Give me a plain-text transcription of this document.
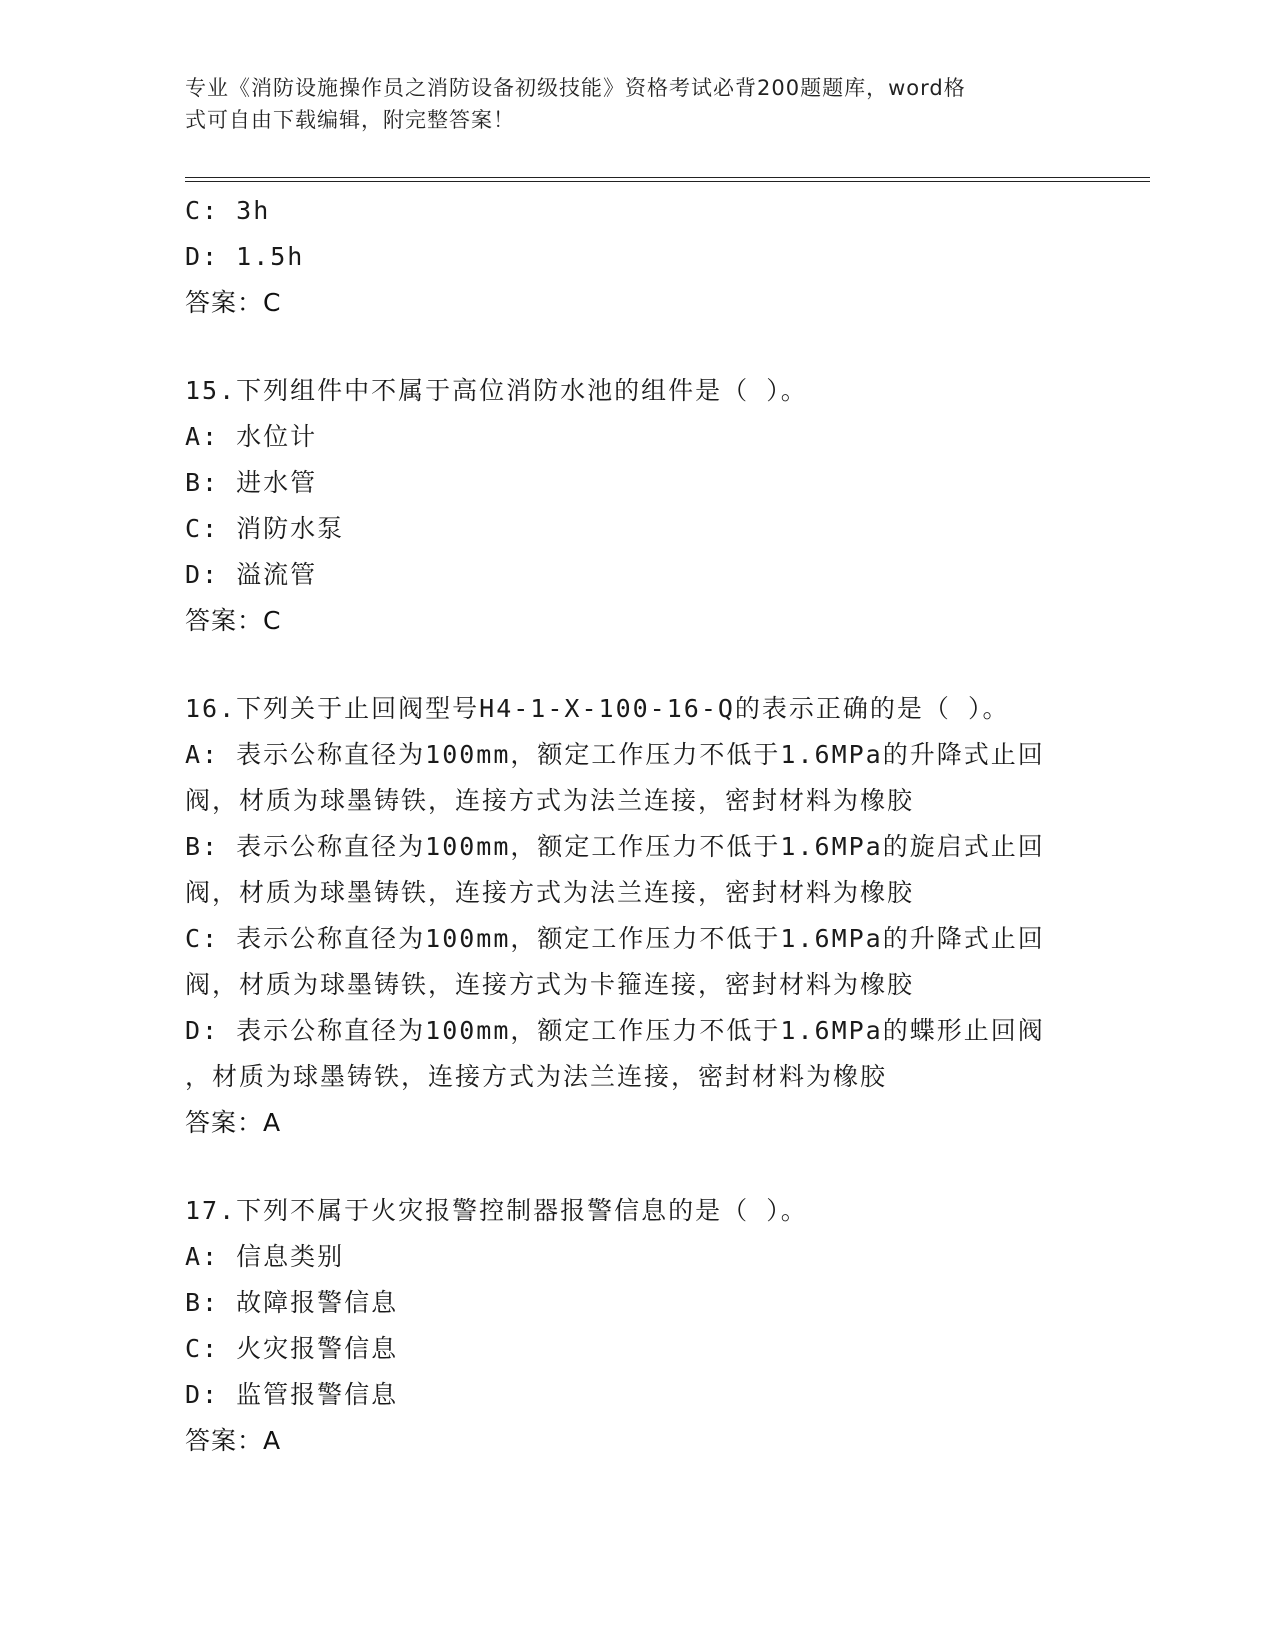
专业《消防设施操作员之消防设备初级技能》资格考试必背200题题库，word格
式可自由下载编辑，附完整答案！
C: 3h
D: 1.5h
答案：C
15.下列组件中不属于高位消防水池的组件是（ ）。
A: 水位计
B: 进水管
C: 消防水泵
D: 溢流管
答案：C
16.下列关于止回阀型号H4-1-X-100-16-Q的表示正确的是（ ）。
A: 表示公称直径为100mm，额定工作压力不低于1.6MPa的升降式止回
阀，材质为球墨铸铁，连接方式为法兰连接，密封材料为橡胶
B: 表示公称直径为100mm，额定工作压力不低于1.6MPa的旋启式止回
阀，材质为球墨铸铁，连接方式为法兰连接，密封材料为橡胶
C: 表示公称直径为100mm，额定工作压力不低于1.6MPa的升降式止回
阀，材质为球墨铸铁，连接方式为卡箍连接，密封材料为橡胶
D: 表示公称直径为100mm，额定工作压力不低于1.6MPa的蝶形止回阀
，材质为球墨铸铁，连接方式为法兰连接，密封材料为橡胶
答案：A
17.下列不属于火灾报警控制器报警信息的是（ ）。
A: 信息类别
B: 故障报警信息
C: 火灾报警信息
D: 监管报警信息
答案：A
